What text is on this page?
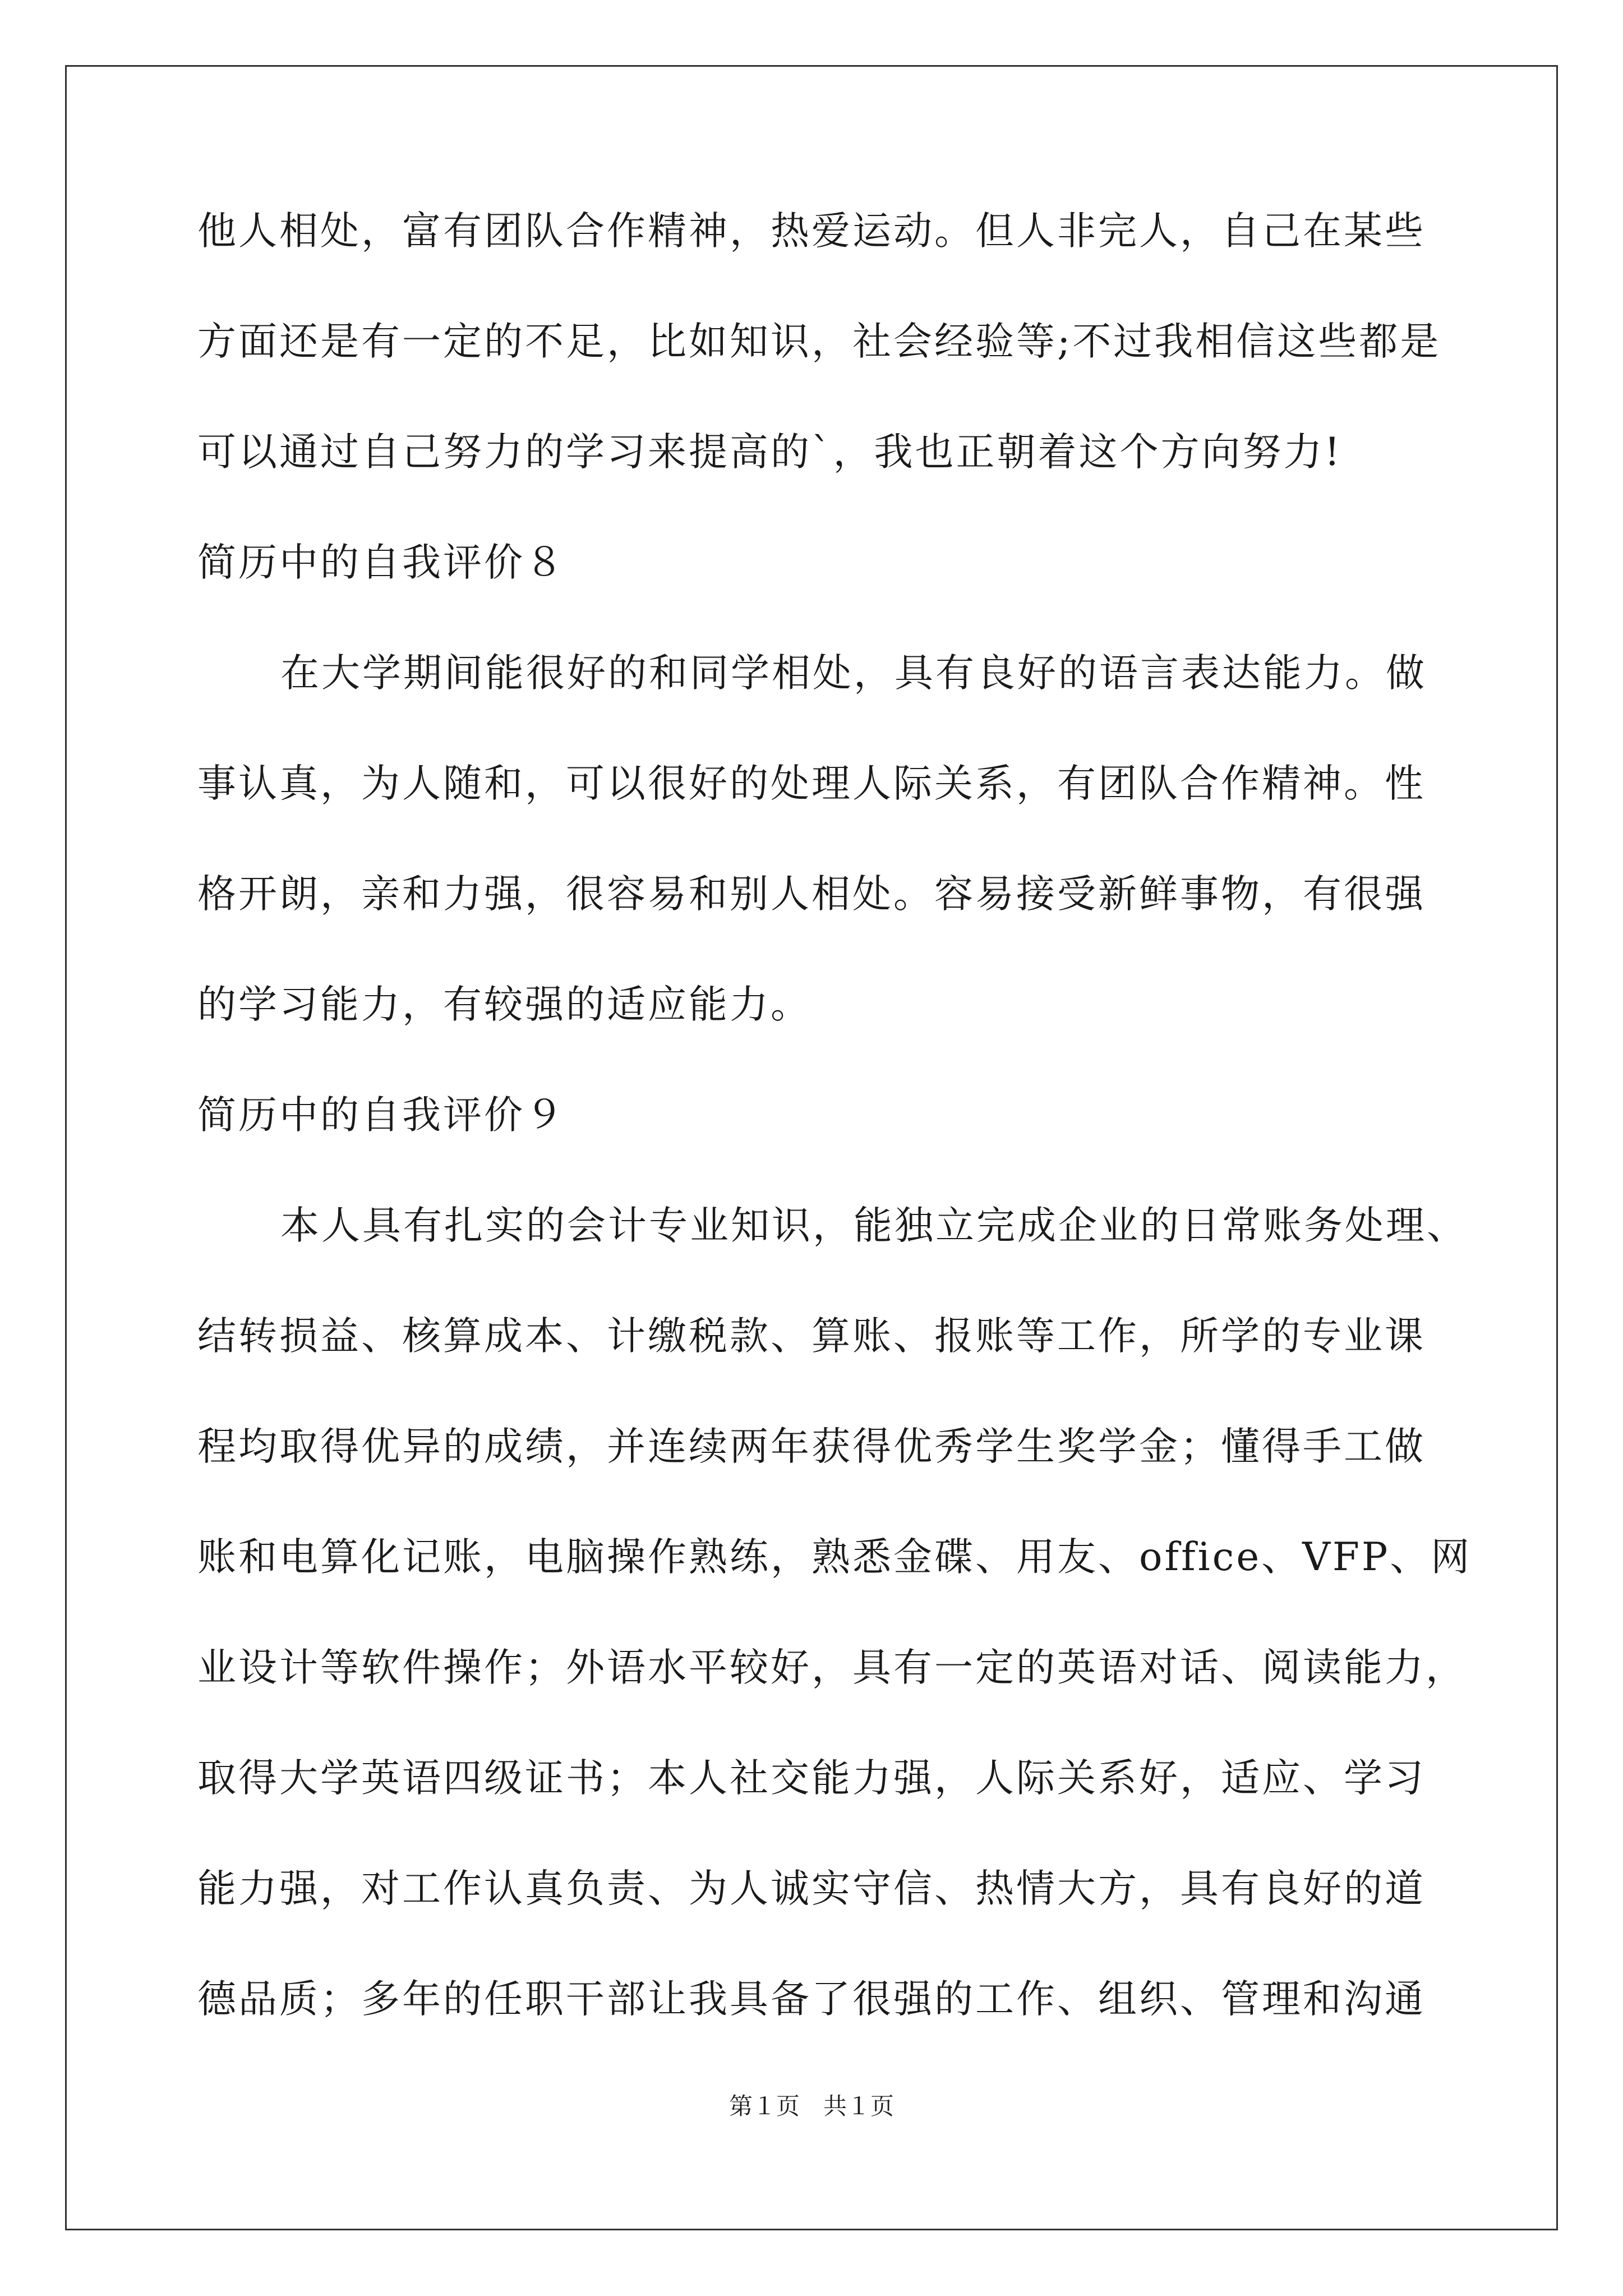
他人相处，富有团队合作精神，热爱运动。但人非完人，自己在某些
方面还是有一定的不足，比如知识，社会经验等;不过我相信这些都是
可以通过自己努力的学习来提高的`，我也正朝着这个方向努力!
简历中的自我评价８
在大学期间能很好的和同学相处，具有良好的语言表达能力。做
事认真，为人随和，可以很好的处理人际关系，有团队合作精神。性
格开朗，亲和力强，很容易和别人相处。容易接受新鲜事物，有很强
的学习能力，有较强的适应能力。
简历中的自我评价９
本人具有扎实的会计专业知识，能独立完成企业的日常账务处理、
结转损益、核算成本、计缴税款、算账、报账等工作，所学的专业课
程均取得优异的成绩，并连续两年获得优秀学生奖学金；懂得手工做
账和电算化记账，电脑操作熟练，熟悉金碟、用友、office、VFP、网
业设计等软件操作；外语水平较好，具有一定的英语对话、阅读能力，
取得大学英语四级证书；本人社交能力强，人际关系好，适应、学习
能力强，对工作认真负责、为人诚实守信、热情大方，具有良好的道
德品质；多年的任职干部让我具备了很强的工作、组织、管理和沟通
第１页　共１页
